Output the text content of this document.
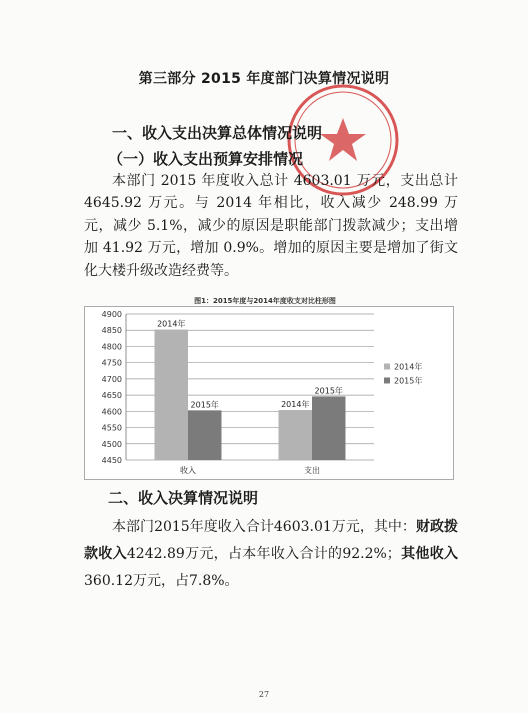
第三部分 2015 年度部门决算情况说明
一、收入支出决算总体情况说明
（一）收入支出预算安排情况
本部门 2015 年度收入总计 4603.01 万元，支出总计 4645.92 万元。与 2014 年相比，收入减少 248.99 万元，减少 5.1%，减少的原因是职能部门拨款减少；支出增加 41.92 万元，增加 0.9%。增加的原因主要是增加了街文化大楼升级改造经费等。
图1：2015年度与2014年度收支对比柱形图
4450
4500
4550
4600
4650
4700
4750
4800
4850
4900
2014年
2015年
收入
2014年
2015年
支出
2014年
2015年
二、收入决算情况说明
本部门2015年度收入合计4603.01万元，其中：财政拨款收入4242.89万元，占本年收入合计的92.2%；其他收入360.12万元，占7.8%。
27
